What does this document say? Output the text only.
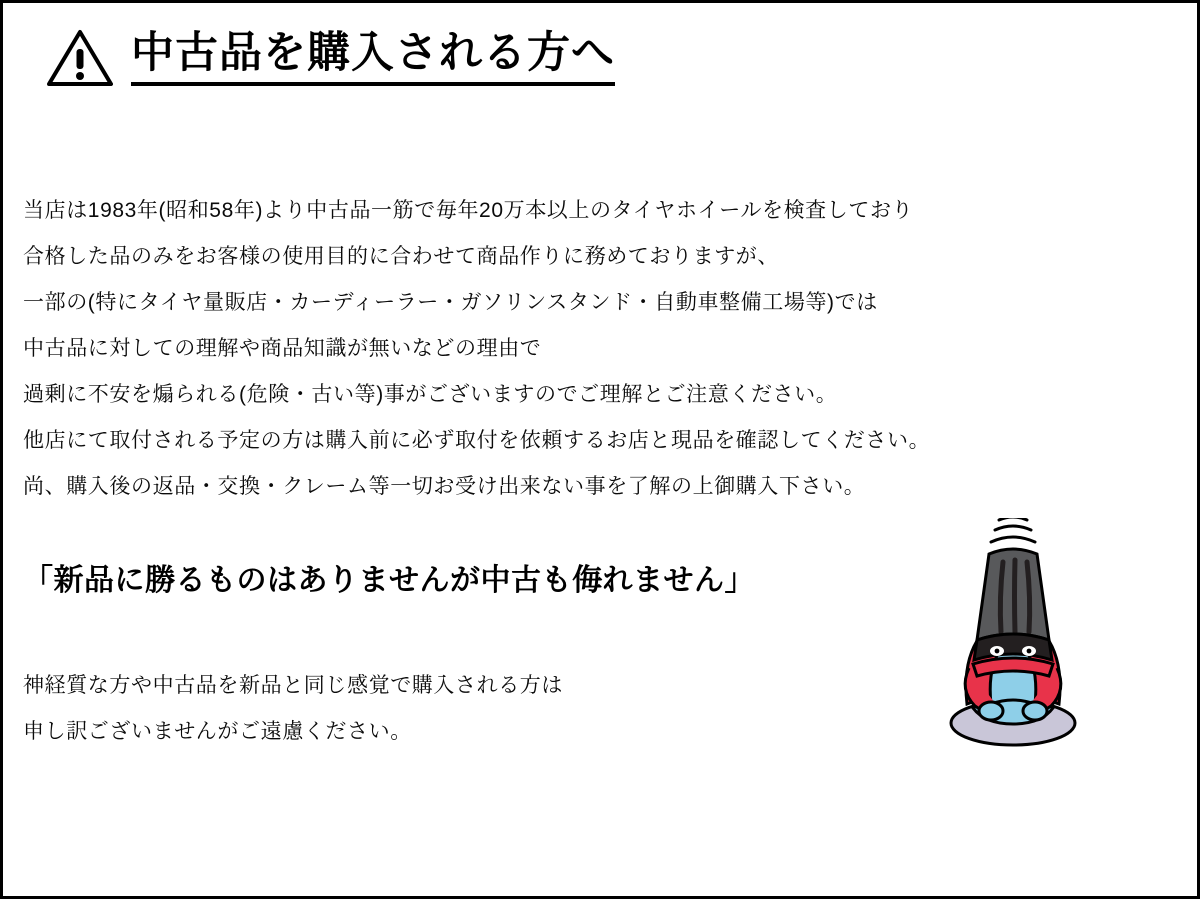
中古品を購入される方へ
当店は1983年(昭和58年)より中古品一筋で毎年20万本以上のタイヤホイールを検査しており
合格した品のみをお客様の使用目的に合わせて商品作りに務めておりますが、
一部の(特にタイヤ量販店・カーディーラー・ガソリンスタンド・自動車整備工場等)では
中古品に対しての理解や商品知識が無いなどの理由で
過剰に不安を煽られる(危険・古い等)事がございますのでご理解とご注意ください。
他店にて取付される予定の方は購入前に必ず取付を依頼するお店と現品を確認してください。
尚、購入後の返品・交換・クレーム等一切お受け出来ない事を了解の上御購入下さい。
「新品に勝るものはありませんが中古も侮れません」
神経質な方や中古品を新品と同じ感覚で購入される方は
申し訳ございませんがご遠慮ください。
